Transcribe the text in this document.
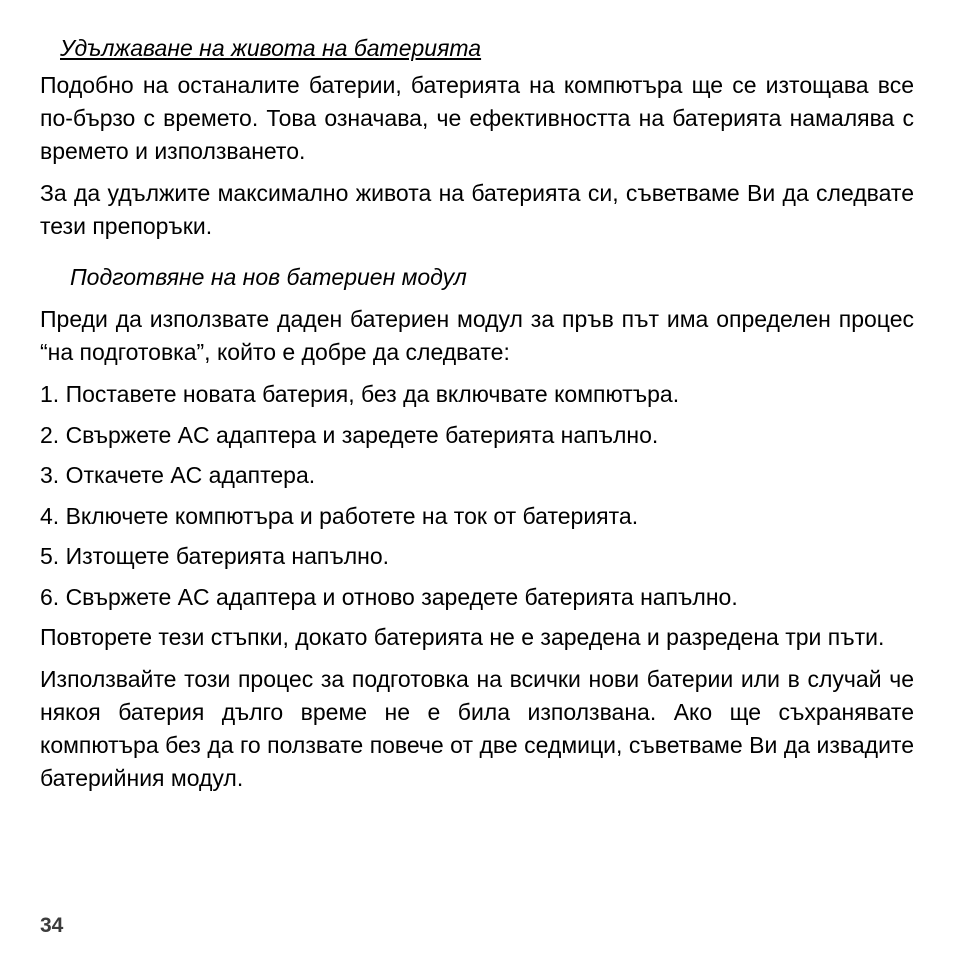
Удължаване на живота на батерията

Подобно на останалите батерии, батерията на компютъра ще се изтощава все по-бързо с времето. Това означава, че ефективността на батерията намалява с времето и използването.

За да удължите максимално живота на батерията си, съветваме Ви да следвате тези препоръки.

Подготвяне на нов батериен модул

Преди да използвате даден батериен модул за пръв път има определен процес “на подготовка”, който е добре да следвате:

1. Поставете новата батерия, без да включвате компютъра.
2. Свържете AC адаптера и заредете батерията напълно.
3. Откачете AC адаптера.
4. Включете компютъра и работете на ток от батерията.
5. Изтощете батерията напълно.
6. Свържете AC адаптера и отново заредете батерията напълно.

Повторете тези стъпки, докато батерията не е заредена и разредена три пъти.

Използвайте този процес за подготовка на всички нови батерии или в случай че някоя батерия дълго време не е била използвана. Ако ще съхранявате компютъра без да го ползвате повече от две седмици, съветваме Ви да извадите батерийния модул.

34
